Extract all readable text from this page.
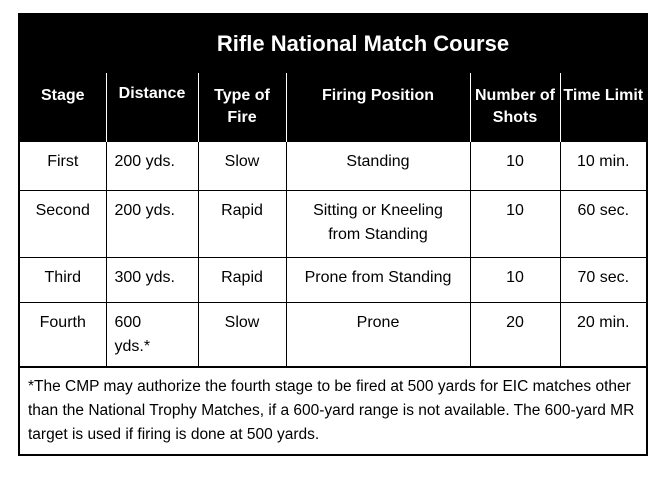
Rifle National Match Course
Stage	Distance	Type of Fire	Firing Position	Number of Shots	Time Limit
First	200 yds.	Slow	Standing	10	10 min.
Second	200 yds.	Rapid	Sitting or Kneeling from Standing	10	60 sec.
Third	300 yds.	Rapid	Prone from Standing	10	70 sec.
Fourth	600 yds.*	Slow	Prone	20	20 min.
*The CMP may authorize the fourth stage to be fired at 500 yards for EIC matches other than the National Trophy Matches, if a 600-yard range is not available. The 600-yard MR target is used if firing is done at 500 yards.
